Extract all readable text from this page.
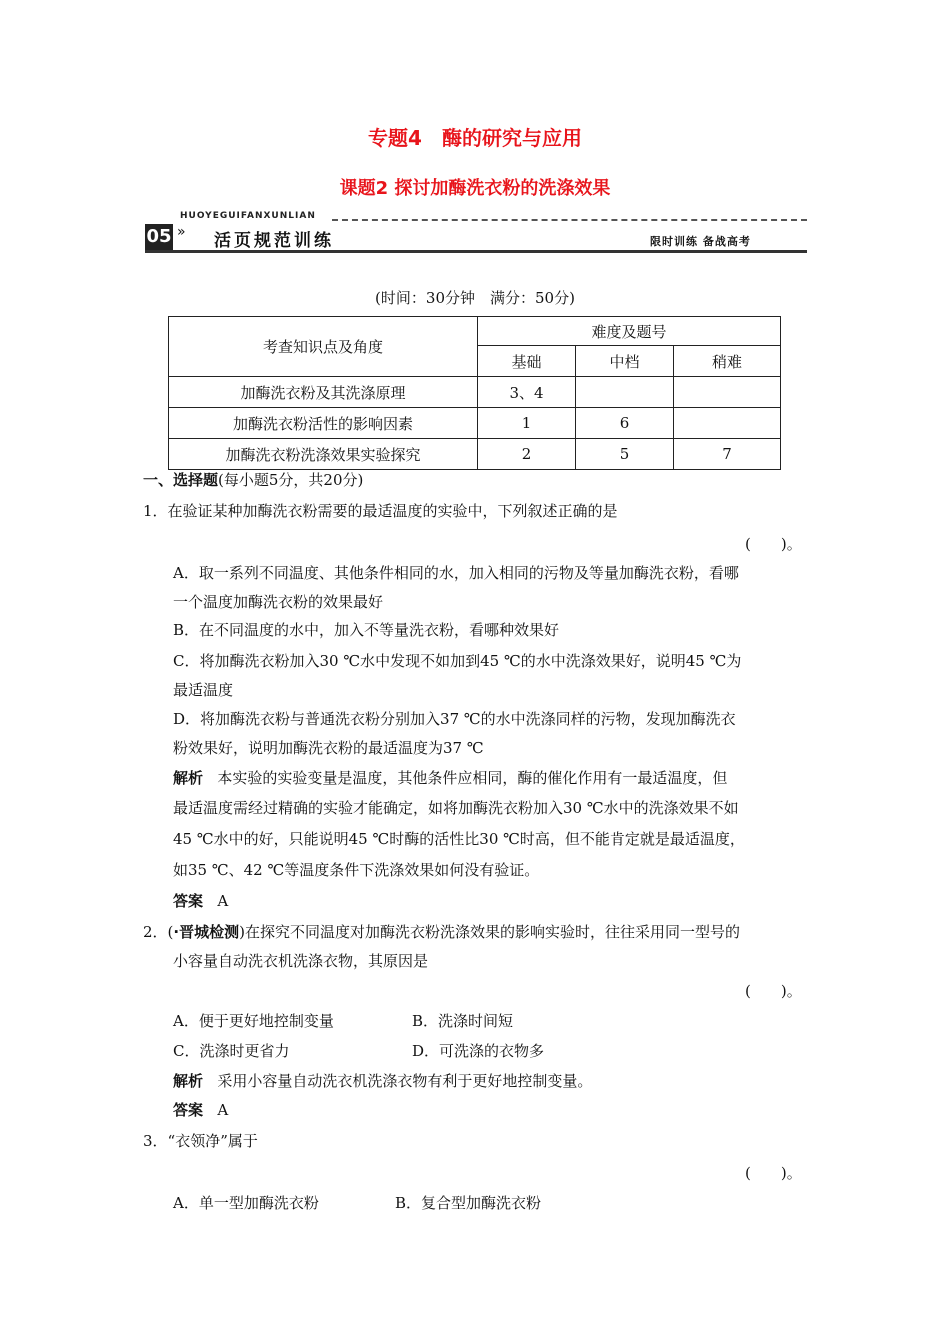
专题4　酶的研究与应用
课题2 探讨加酶洗衣粉的洗涤效果
HUOYEGUIFANXUNLIAN
05 » 活页规范训练	限时训练 备战高考
(时间：30分钟　满分：50分)
考查知识点及角度	难度及题号		
	基础	中档	稍难
加酶洗衣粉及其洗涤原理	3、4		
加酶洗衣粉活性的影响因素	1	6	
加酶洗衣粉洗涤效果实验探究	2	5	7
一、选择题(每小题5分，共20分)
1．在验证某种加酶洗衣粉需要的最适温度的实验中，下列叙述正确的是
(　　)。
A．取一系列不同温度、其他条件相同的水，加入相同的污物及等量加酶洗衣粉，看哪
一个温度加酶洗衣粉的效果最好
B．在不同温度的水中，加入不等量洗衣粉，看哪种效果好
C．将加酶洗衣粉加入30 ℃水中发现不如加到45 ℃的水中洗涤效果好，说明45 ℃为
最适温度
D．将加酶洗衣粉与普通洗衣粉分别加入37 ℃的水中洗涤同样的污物，发现加酶洗衣
粉效果好，说明加酶洗衣粉的最适温度为37 ℃
解析 本实验的实验变量是温度，其他条件应相同，酶的催化作用有一最适温度，但
最适温度需经过精确的实验才能确定，如将加酶洗衣粉加入30 ℃水中的洗涤效果不如
45 ℃水中的好，只能说明45 ℃时酶的活性比30 ℃时高，但不能肯定就是最适温度，
如35 ℃、42 ℃等温度条件下洗涤效果如何没有验证。
答案 A
2．(·晋城检测)在探究不同温度对加酶洗衣粉洗涤效果的影响实验时，往往采用同一型号的
小容量自动洗衣机洗涤衣物，其原因是
(　　)。
A．便于更好地控制变量	B．洗涤时间短
C．洗涤时更省力	D．可洗涤的衣物多
解析 采用小容量自动洗衣机洗涤衣物有利于更好地控制变量。
答案 A
3．“衣领净”属于
(　　)。
A．单一型加酶洗衣粉	B．复合型加酶洗衣粉
